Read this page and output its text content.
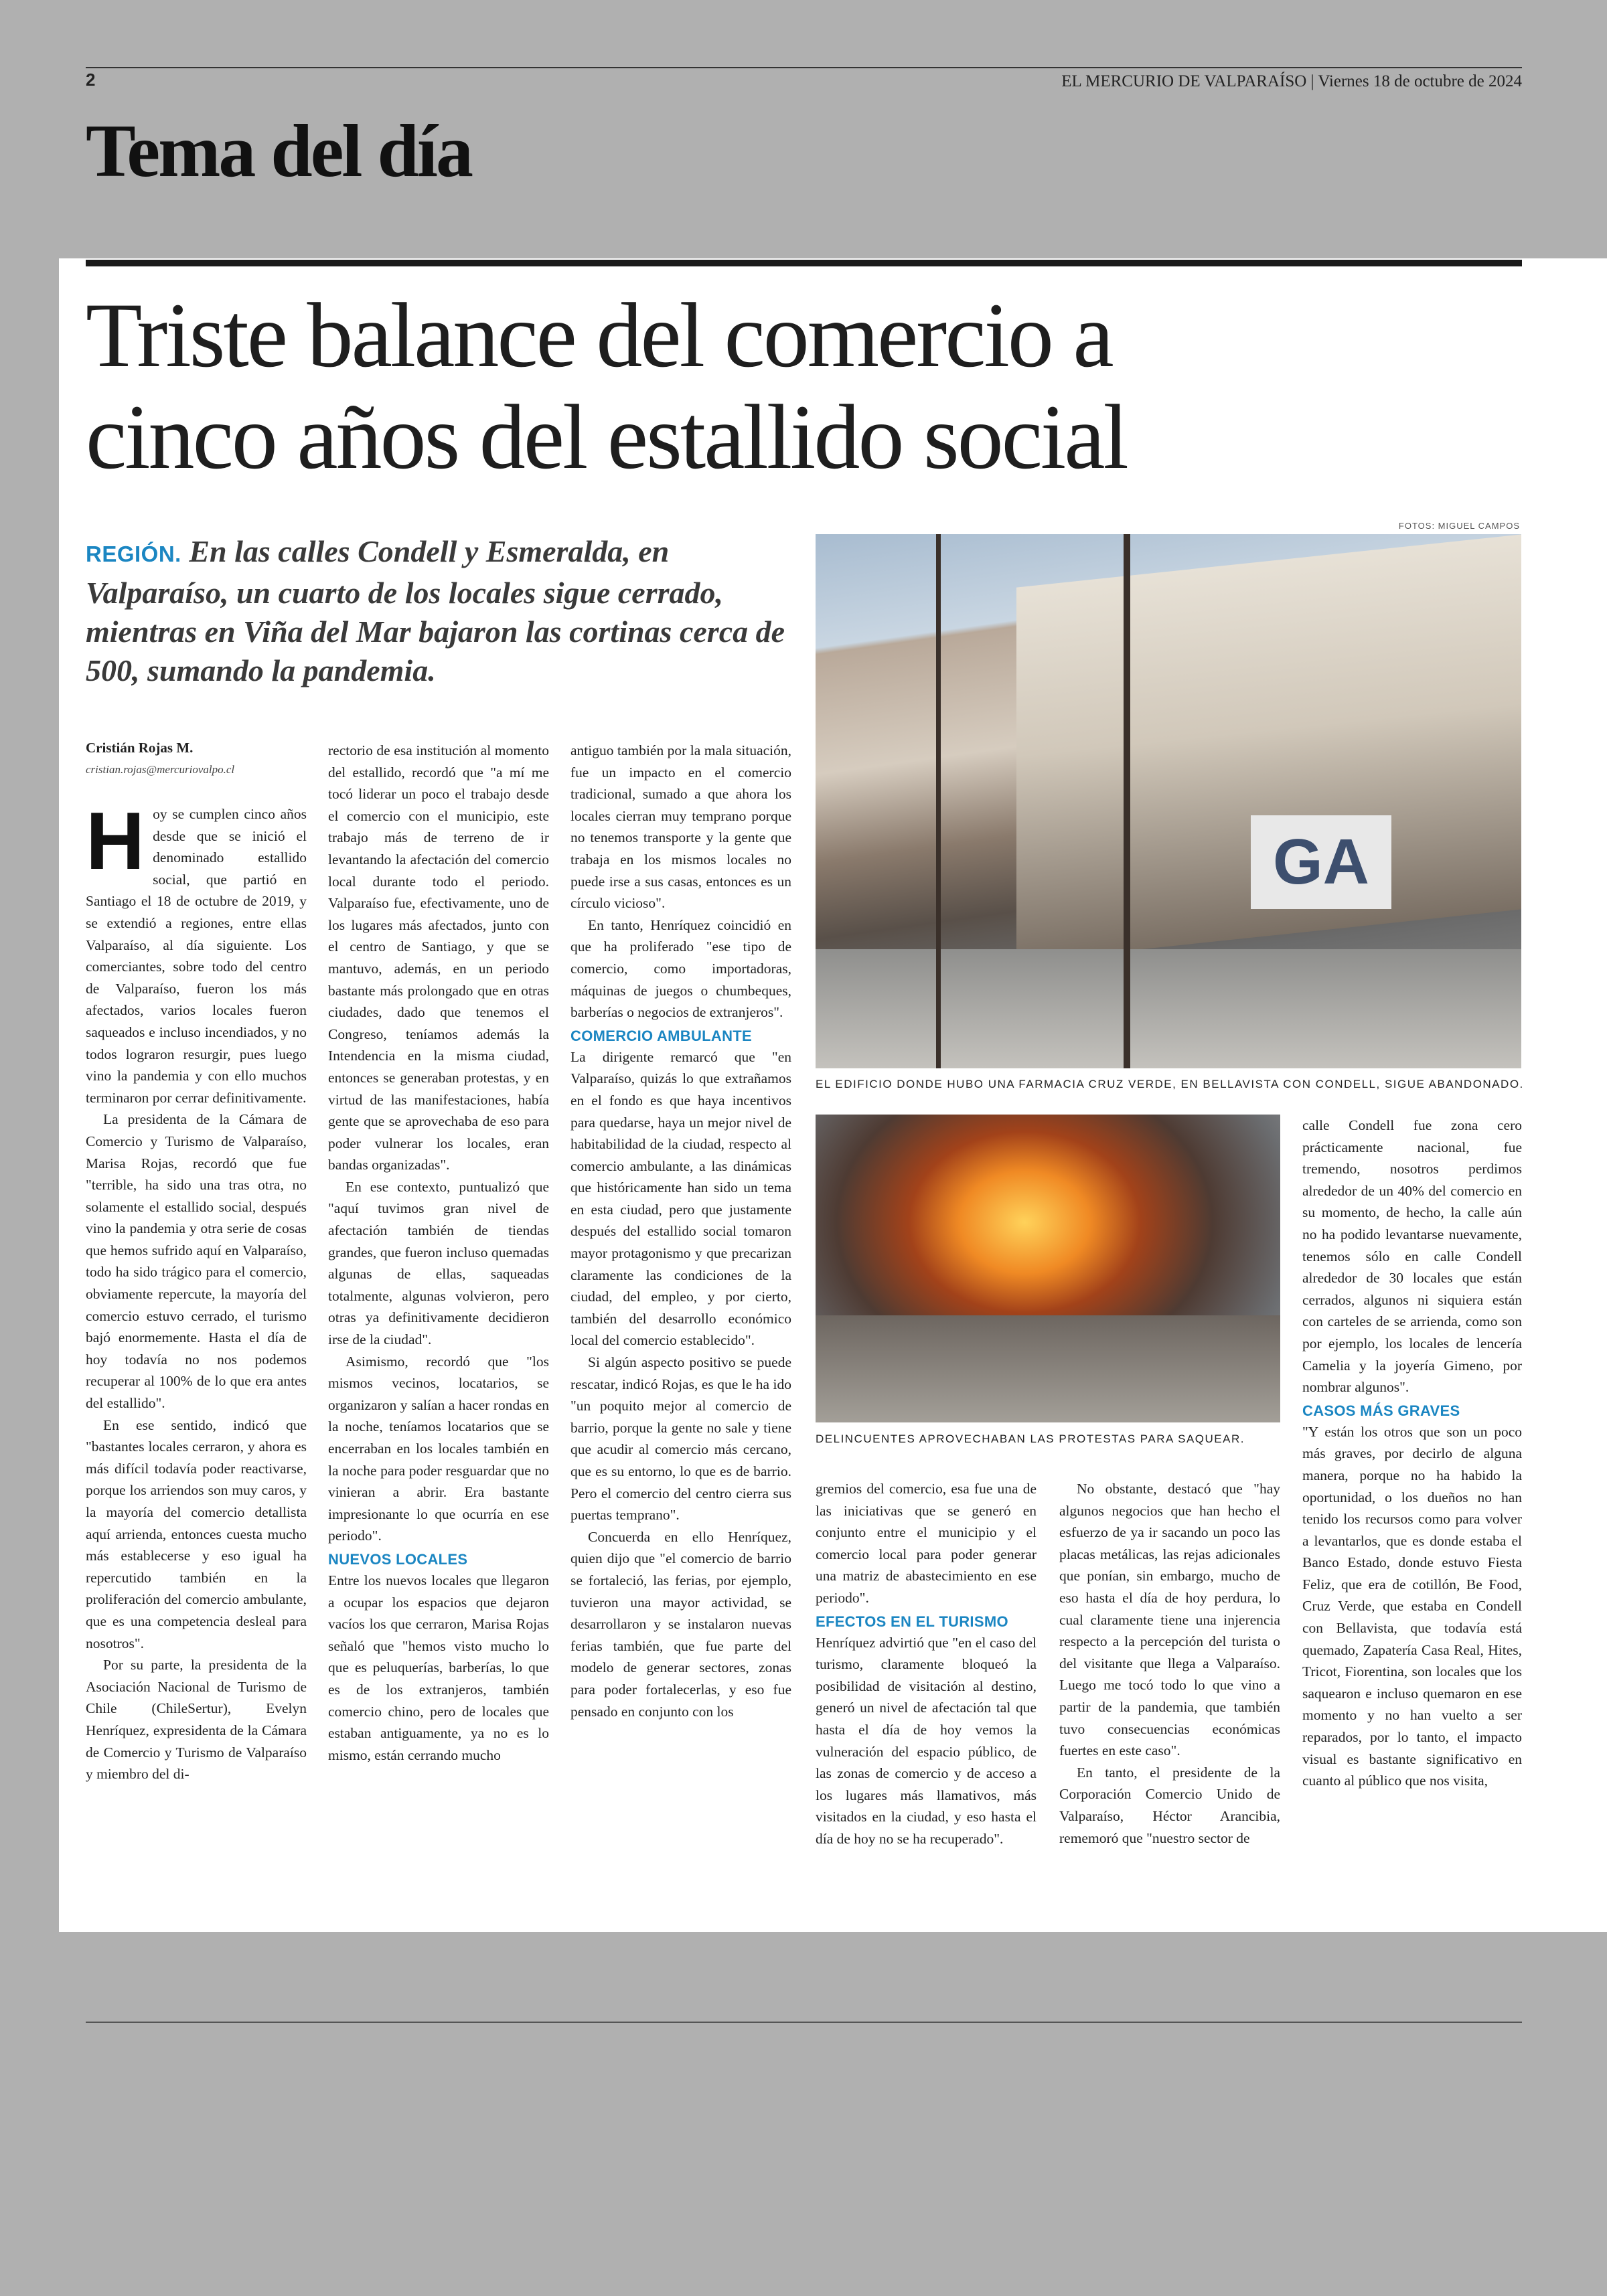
2	EL MERCURIO DE VALPARAÍSO | Viernes 18 de octubre de 2024
Tema del día
Triste balance del comercio a
cinco años del estallido social
FOTOS: MIGUEL CAMPOS
REGIÓN. En las calles Condell y Esmeralda, en Valparaíso, un cuarto de los locales sigue cerrado, mientras en Viña del Mar bajaron las cortinas cerca de 500, sumando la pandemia.
Cristián Rojas M.
cristian.rojas@mercuriovalpo.cl

Hoy se cumplen cinco años desde que se inició el denominado estallido social, que partió en Santiago el 18 de octubre de 2019, y se extendió a regiones, entre ellas Valparaíso, al día siguiente. Los comerciantes, sobre todo del centro de Valparaíso, fueron los más afectados, varios locales fueron saqueados e incluso incendiados, y no todos lograron resurgir, pues luego vino la pandemia y con ello muchos terminaron por cerrar definitivamente.

La presidenta de la Cámara de Comercio y Turismo de Valparaíso, Marisa Rojas, recordó que fue "terrible, ha sido una tras otra, no solamente el estallido social, después vino la pandemia y otra serie de cosas que hemos sufrido aquí en Valparaíso, todo ha sido trágico para el comercio, obviamente repercute, la mayoría del comercio estuvo cerrado, el turismo bajó enormemente. Hasta el día de hoy todavía no nos podemos recuperar al 100% de lo que era antes del estallido".

En ese sentido, indicó que "bastantes locales cerraron, y ahora es más difícil todavía poder reactivarse, porque los arriendos son muy caros, y la mayoría del comercio detallista aquí arrienda, entonces cuesta mucho más establecerse y eso igual ha repercutido también en la proliferación del comercio ambulante, que es una competencia desleal para nosotros".

Por su parte, la presidenta de la Asociación Nacional de Turismo de Chile (ChileSertur), Evelyn Henríquez, expresidenta de la Cámara de Comercio y Turismo de Valparaíso y miembro del di-

rectorio de esa institución al momento del estallido, recordó que "a mí me tocó liderar un poco el trabajo desde el comercio con el municipio, este trabajo más de terreno de ir levantando la afectación del comercio local durante todo el periodo. Valparaíso fue, efectivamente, uno de los lugares más afectados, junto con el centro de Santiago, y que se mantuvo, además, en un periodo bastante más prolongado que en otras ciudades, dado que tenemos el Congreso, teníamos además la Intendencia en la misma ciudad, entonces se generaban protestas, y en virtud de las manifestaciones, había gente que se aprovechaba de eso para poder vulnerar los locales, eran bandas organizadas".

En ese contexto, puntualizó que "aquí tuvimos gran nivel de afectación también de tiendas grandes, que fueron incluso quemadas algunas de ellas, saqueadas totalmente, algunas volvieron, pero otras ya definitivamente decidieron irse de la ciudad".

Asimismo, recordó que "los mismos vecinos, locatarios, se organizaron y salían a hacer rondas en la noche, teníamos locatarios que se encerraban en los locales también en la noche para poder resguardar que no vinieran a abrir. Era bastante impresionante lo que ocurría en ese periodo".

NUEVOS LOCALES

Entre los nuevos locales que llegaron a ocupar los espacios que dejaron vacíos los que cerraron, Marisa Rojas señaló que "hemos visto mucho lo que es peluquerías, barberías, lo que es de los extranjeros, también comercio chino, pero de locales que estaban antiguamente, ya no es lo mismo, están cerrando mucho

antiguo también por la mala situación, fue un impacto en el comercio tradicional, sumado a que ahora los locales cierran muy temprano porque no tenemos transporte y la gente que trabaja en los mismos locales no puede irse a sus casas, entonces es un círculo vicioso".

En tanto, Henríquez coincidió en que ha proliferado "ese tipo de comercio, como importadoras, máquinas de juegos o chumbeques, barberías o negocios de extranjeros".

COMERCIO AMBULANTE

La dirigente remarcó que "en Valparaíso, quizás lo que extrañamos en el fondo es que haya incentivos para quedarse, haya un mejor nivel de habitabilidad de la ciudad, respecto al comercio ambulante, a las dinámicas que históricamente han sido un tema en esta ciudad, pero que justamente después del estallido social tomaron mayor protagonismo y que precarizan claramente las condiciones de la ciudad, del empleo, y por cierto, también del desarrollo económico local del comercio establecido".

Si algún aspecto positivo se puede rescatar, indicó Rojas, es que le ha ido "un poquito mejor al comercio de barrio, porque la gente no sale y tiene que acudir al comercio más cercano, que es su entorno, lo que es de barrio. Pero el comercio del centro cierra sus puertas temprano".

Concuerda en ello Henríquez, quien dijo que "el comercio de barrio se fortaleció, las ferias, por ejemplo, tuvieron una mayor actividad, se desarrollaron y se instalaron nuevas ferias también, que fue parte del modelo de generar sectores, zonas para poder fortalecerlas, y eso fue pensado en conjunto con los

GA
EL EDIFICIO DONDE HUBO UNA FARMACIA CRUZ VERDE, EN BELLAVISTA CON CONDELL, SIGUE ABANDONADO.
DELINCUENTES APROVECHABAN LAS PROTESTAS PARA SAQUEAR.

gremios del comercio, esa fue una de las iniciativas que se generó en conjunto entre el municipio y el comercio local para poder generar una matriz de abastecimiento en ese periodo".

EFECTOS EN EL TURISMO

Henríquez advirtió que "en el caso del turismo, claramente bloqueó la posibilidad de visitación al destino, generó un nivel de afectación tal que hasta el día de hoy vemos la vulneración del espacio público, de las zonas de comercio y de acceso a los lugares más llamativos, más visitados en la ciudad, y eso hasta el día de hoy no se ha recuperado".

No obstante, destacó que "hay algunos negocios que han hecho el esfuerzo de ya ir sacando un poco las placas metálicas, las rejas adicionales que ponían, sin embargo, mucho de eso hasta el día de hoy perdura, lo cual claramente tiene una injerencia respecto a la percepción del turista o del visitante que llega a Valparaíso. Luego me tocó todo lo que vino a partir de la pandemia, que también tuvo consecuencias económicas fuertes en este caso".

En tanto, el presidente de la Corporación Comercio Unido de Valparaíso, Héctor Arancibia, rememoró que "nuestro sector de

calle Condell fue zona cero prácticamente nacional, fue tremendo, nosotros perdimos alrededor de un 40% del comercio en su momento, de hecho, la calle aún no ha podido levantarse nuevamente, tenemos sólo en calle Condell alrededor de 30 locales que están cerrados, algunos ni siquiera están con carteles de se arrienda, como son por ejemplo, los locales de lencería Camelia y la joyería Gimeno, por nombrar algunos".

CASOS MÁS GRAVES

"Y están los otros que son un poco más graves, por decirlo de alguna manera, porque no ha habido la oportunidad, o los dueños no han tenido los recursos como para volver a levantarlos, que es donde estaba el Banco Estado, donde estuvo Fiesta Feliz, que era de cotillón, Be Food, Cruz Verde, que estaba en Condell con Bellavista, que todavía está quemado, Zapatería Casa Real, Hites, Tricot, Fiorentina, son locales que los saquearon e incluso quemaron en ese momento y no han vuelto a ser reparados, por lo tanto, el impacto visual es bastante significativo en cuanto al público que nos visita,
